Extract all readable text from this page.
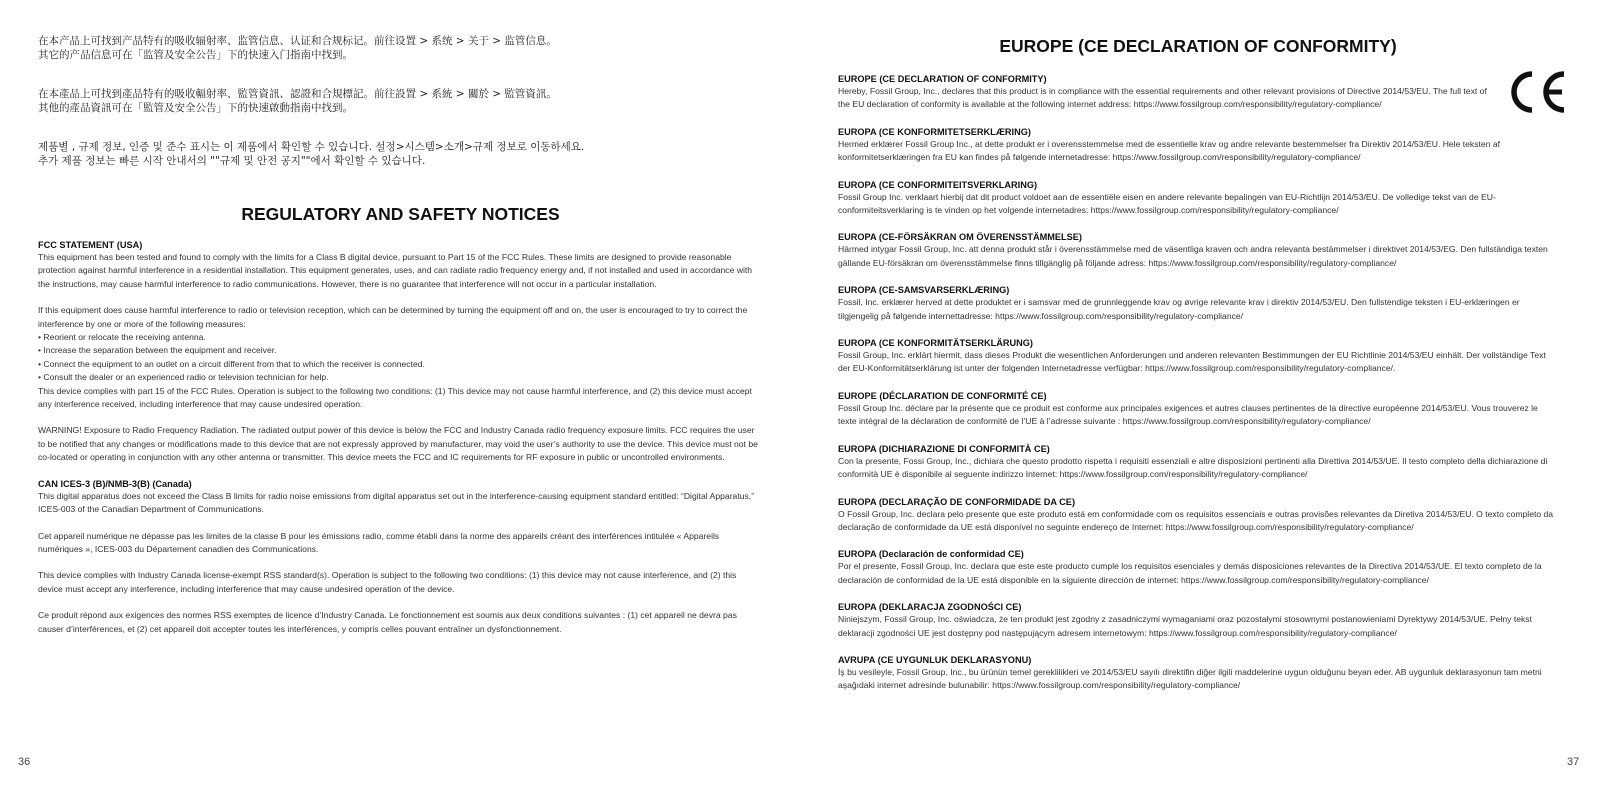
在本产品上可找到产品特有的吸收辐射率、监管信息、认证和合规标记。前往设置 > 系统 > 关于 > 监管信息。
其它的产品信息可在「监管及安全公告」下的快速入门指南中找到。

在本產品上可找到產品特有的吸收輻射率、監管資訊、認證和合規標記。前往設置 > 系統 > 關於 > 監管資訊。
其他的產品資訊可在「監管及安全公告」下的快速啟動指南中找到。

제품별 , 규제 정보, 인증 및 준수 표시는 이 제품에서 확인할 수 있습니다. 설정>시스템>소개>규제 정보로 이동하세요.
추가 제품 정보는 빠른 시작 안내서의 ""규제 및 안전 공지""에서 확인할 수 있습니다.

REGULATORY AND SAFETY NOTICES
FCC STATEMENT (USA)

This equipment has been tested and found to comply with the limits for a Class B digital device, pursuant to Part 15 of the FCC Rules. These limits are designed to provide reasonable protection against harmful interference in a residential installation. This equipment generates, uses, and can radiate radio frequency energy and, if not installed and used in accordance with the instructions, may cause harmful interference to radio communications. However, there is no guarantee that interference will not occur in a particular installation.

If this equipment does cause harmful interference to radio or television reception, which can be determined by turning the equipment off and on, the user is encouraged to try to correct the interference by one or more of the following measures:

• Reorient or relocate the receiving antenna.
• Increase the separation between the equipment and receiver.
• Connect the equipment to an outlet on a circuit different from that to which the receiver is connected.
• Consult the dealer or an experienced radio or television technician for help.

This device complies with part 15 of the FCC Rules. Operation is subject to the following two conditions: (1) This device may not cause harmful interference, and (2) this device must accept any interference received, including interference that may cause undesired operation.

WARNING! Exposure to Radio Frequency Radiation. The radiated output power of this device is below the FCC and Industry Canada radio frequency exposure limits. FCC requires the user to be notified that any changes or modifications made to this device that are not expressly approved by manufacturer, may void the user’s authority to use the device. This device must not be co-located or operating in conjunction with any other antenna or transmitter. This device meets the FCC and IC requirements for RF exposure in public or uncontrolled environments.

CAN ICES-3 (B)/NMB-3(B) (Canada)

This digital apparatus does not exceed the Class B limits for radio noise emissions from digital apparatus set out in the interference-causing equipment standard entitled: “Digital Apparatus,” ICES-003 of the Canadian Department of Communications.

Cet appareil numérique ne dépasse pas les limites de la classe B pour les émissions radio, comme établi dans la norme des appareils créant des interférences intitulée « Appareils numériques », ICES-003 du Département canadien des Communications.

This device complies with Industry Canada license-exempt RSS standard(s). Operation is subject to the following two conditions: (1) this device may not cause interference, and (2) this device must accept any interference, including interference that may cause undesired operation of the device.

Ce produit répond aux exigences des normes RSS exemptes de licence d’Industry Canada. Le fonctionnement est soumis aux deux conditions suivantes : (1) cet appareil ne devra pas causer d’interférences, et (2) cet appareil doit accepter toutes les interférences, y compris celles pouvant entraîner un dysfonctionnement.

EUROPE (CE DECLARATION OF CONFORMITY)
EUROPE (CE DECLARATION OF CONFORMITY)

Hereby, Fossil Group, Inc., declares that this product is in compliance with the essential requirements and other relevant provisions of Directive 2014/53/EU. The full text of the EU declaration of conformity is available at the following internet address: https://www.fossilgroup.com/responsibility/regulatory-compliance/

EUROPA (CE KONFORMITETSERKLÆRING)

Hermed erklærer Fossil Group Inc., at dette produkt er i overensstemmelse med de essentielle krav og andre relevante bestemmelser fra Direktiv 2014/53/EU. Hele teksten af konformitetserklæringen fra EU kan findes på følgende internetadresse: https://www.fossilgroup.com/responsibility/regulatory-compliance/

EUROPA (CE CONFORMITEITSVERKLARING)

Fossil Group Inc. verklaart hierbij dat dit product voldoet aan de essentiële eisen en andere relevante bepalingen van EU-Richtlijn 2014/53/EU. De volledige tekst van de EU-conformiteitsverklaring is te vinden op het volgende internetadres: https://www.fossilgroup.com/responsibility/regulatory-compliance/

EUROPA (CE-FÖRSÄKRAN OM ÖVERENSSTÄMMELSE)

Härmed intygar Fossil Group, Inc. att denna produkt står i överensstämmelse med de väsentliga kraven och andra relevanta bestämmelser i direktivet 2014/53/EG. Den fullständiga texten gällande EU-försäkran om överensstämmelse finns tillgänglig på följande adress: https://www.fossilgroup.com/responsibility/regulatory-compliance/

EUROPA (CE-SAMSVARSERKLÆRING)

Fossil, Inc. erklærer herved at dette produktet er i samsvar med de grunnleggende krav og øvrige relevante krav i direktiv 2014/53/EU. Den fullstendige teksten i EU-erklæringen er tilgjengelig på følgende internettadresse: https://www.fossilgroup.com/responsibility/regulatory-compliance/

EUROPA (CE KONFORMITÄTSERKLÄRUNG)

Fossil Group, Inc. erklärt hiermit, dass dieses Produkt die wesentlichen Anforderungen und anderen relevanten Bestimmungen der EU Richtlinie 2014/53/EU einhält. Der vollständige Text der EU-Konformitätserklärung ist unter der folgenden Internetadresse verfügbar: https://www.fossilgroup.com/responsibility/regulatory-compliance/.

EUROPE (DÉCLARATION DE CONFORMITÉ CE)

Fossil Group Inc. déclare par la présente que ce produit est conforme aux principales exigences et autres clauses pertinentes de la directive européenne 2014/53/EU. Vous trouverez le texte intégral de la déclaration de conformité de l’UE à l’adresse suivante : https://www.fossilgroup.com/responsibility/regulatory-compliance/

EUROPA (DICHIARAZIONE DI CONFORMITÀ CE)

Con la presente, Fossi Group, Inc., dichiara che questo prodotto rispetta i requisiti essenziali e altre disposizioni pertinenti alla Direttiva 2014/53/UE. Il testo completo della dichiarazione di conformità UE è disponibile al seguente indirizzo Internet: https://www.fossilgroup.com/responsibility/regulatory-compliance/

EUROPA (DECLARAÇÃO DE CONFORMIDADE DA CE)

O Fossil Group, Inc. declara pelo presente que este produto está em conformidade com os requisitos essenciais e outras provisões relevantes da Diretiva 2014/53/EU. O texto completo da declaração de conformidade da UE está disponível no seguinte endereço de Internet: https://www.fossilgroup.com/responsibility/regulatory-compliance/

EUROPA (Declaración de conformidad CE)

Por el presente, Fossil Group, Inc. declara que este este producto cumple los requisitos esenciales y demás disposiciones relevantes de la Directiva 2014/53/UE. El texto completo de la declaración de conformidad de la UE está disponible en la siguiente dirección de internet: https://www.fossilgroup.com/responsibility/regulatory-compliance/

EUROPA (DEKLARACJA ZGODNOŚCI CE)

Niniejszym, Fossil Group, Inc. oświadcza, że ten produkt jest zgodny z zasadniczymi wymaganiami oraz pozostałymi stosownymi postanowieniami Dyrektywy 2014/53/UE. Pełny tekst deklaracji zgodności UE jest dostępny pod następującym adresem internetowym: https://www.fossilgroup.com/responsibility/regulatory-compliance/

AVRUPA (CE UYGUNLUK DEKLARASYONU)

İş bu vesileyle, Fossil Group, Inc., bu ürünün temel gereklilikleri ve 2014/53/EU sayılı direktifin diğer ilgili maddelerine uygun olduğunu beyan eder. AB uygunluk deklarasyonun tam metni aşağıdaki internet adresinde bulunabilir: https://www.fossilgroup.com/responsibility/regulatory-compliance/

36	37
